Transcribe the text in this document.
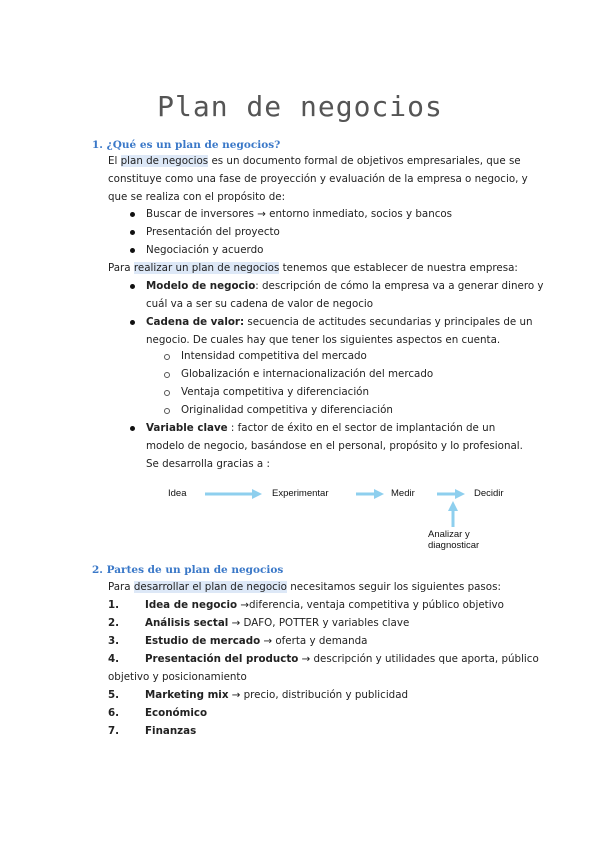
Plan de negocios
1. ¿Qué es un plan de negocios?
El plan de negocios es un documento formal de objetivos empresariales, que se
constituye como una fase de proyección y evaluación de la empresa o negocio, y
que se realiza con el propósito de:
Buscar de inversores → entorno inmediato, socios y bancos
Presentación del proyecto
Negociación y acuerdo
Para realizar un plan de negocios tenemos que establecer de nuestra empresa:
Modelo de negocio: descripción de cómo la empresa va a generar dinero y
cuál va a ser su cadena de valor de negocio
Cadena de valor: secuencia de actitudes secundarias y principales de un
negocio. De cuales hay que tener los siguientes aspectos en cuenta.
Intensidad competitiva del mercado
Globalización e internacionalización del mercado
Ventaja competitiva y diferenciación
Originalidad competitiva y diferenciación
Variable clave : factor de éxito en el sector de implantación de un
modelo de negocio, basándose en el personal, propósito y lo profesional.
Se desarrolla gracias a :
Idea	Experimentar	Medir	Decidir
Analizar y
diagnosticar
2. Partes de un plan de negocios
Para desarrollar el plan de negocio necesitamos seguir los siguientes pasos:
1.	Idea de negocio →diferencia, ventaja competitiva y público objetivo
2.	Análisis sectal → DAFO, POTTER y variables clave
3.	Estudio de mercado → oferta y demanda
4.	Presentación del producto → descripción y utilidades que aporta, público
objetivo y posicionamiento
5.	Marketing mix → precio, distribución y publicidad
6.	Económico
7.	Finanzas
